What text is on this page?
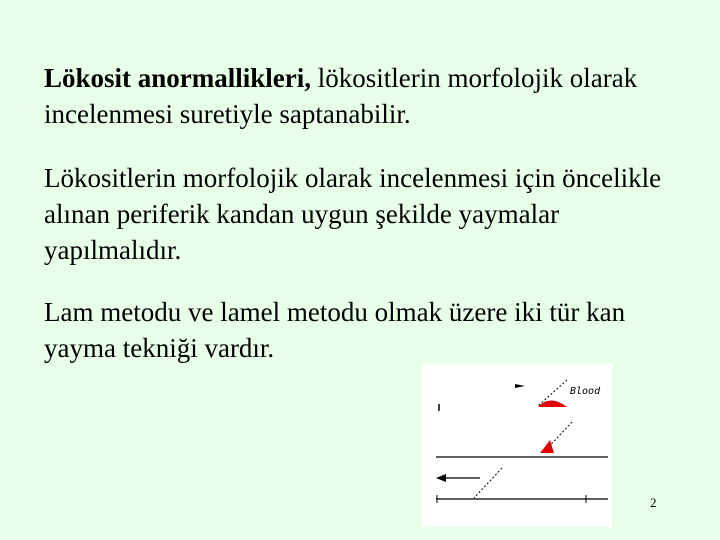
Lökosit anormallikleri, lökositlerin morfolojik olarak incelenmesi suretiyle saptanabilir.

Lökositlerin morfolojik olarak incelenmesi için öncelikle alınan periferik kandan uygun şekilde yaymalar yapılmalıdır.

Lam metodu ve lamel metodu olmak üzere iki tür kan yayma tekniği vardır.

Blood
2
